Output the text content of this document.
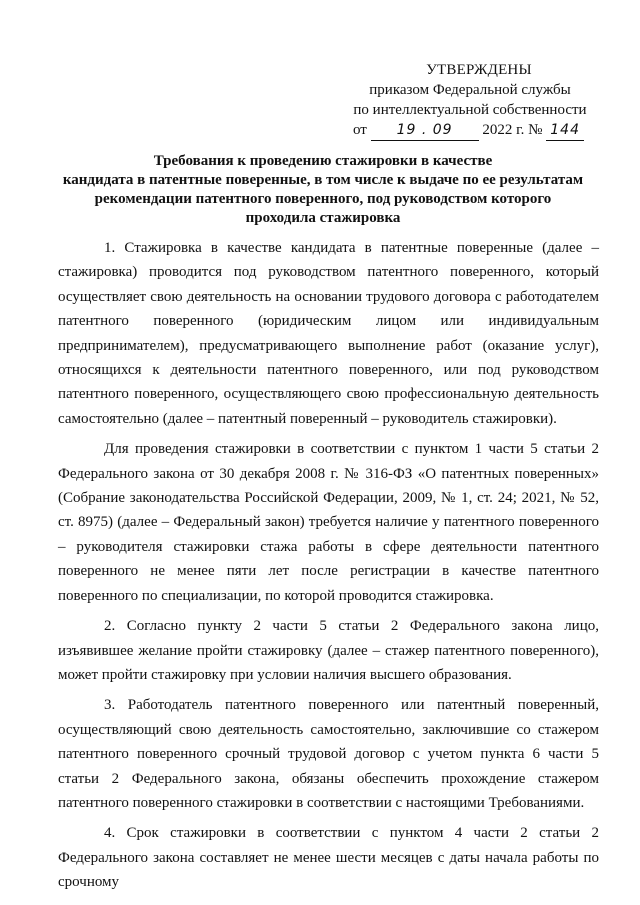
УТВЕРЖДЕНЫ
приказом Федеральной службы
по интеллектуальной собственности
от 19 . 09 2022 г. № 144
Требования к проведению стажировки в качестве
кандидата в патентные поверенные, в том числе к выдаче по ее результатам
рекомендации патентного поверенного, под руководством которого
проходила стажировка

1. Стажировка в качестве кандидата в патентные поверенные (далее – стажировка) проводится под руководством патентного поверенного, который осуществляет свою деятельность на основании трудового договора с работодателем патентного поверенного (юридическим лицом или индивидуальным предпринимателем), предусматривающего выполнение работ (оказание услуг), относящихся к деятельности патентного поверенного, или под руководством патентного поверенного, осуществляющего свою профессиональную деятельность самостоятельно (далее – патентный поверенный – руководитель стажировки).

Для проведения стажировки в соответствии с пунктом 1 части 5 статьи 2 Федерального закона от 30 декабря 2008 г. № 316-ФЗ «О патентных поверенных» (Собрание законодательства Российской Федерации, 2009, № 1, ст. 24; 2021, № 52, ст. 8975) (далее – Федеральный закон) требуется наличие у патентного поверенного – руководителя стажировки стажа работы в сфере деятельности патентного поверенного не менее пяти лет после регистрации в качестве патентного поверенного по специализации, по которой проводится стажировка.

2. Согласно пункту 2 части 5 статьи 2 Федерального закона лицо, изъявившее желание пройти стажировку (далее – стажер патентного поверенного), может пройти стажировку при условии наличия высшего образования.

3. Работодатель патентного поверенного или патентный поверенный, осуществляющий свою деятельность самостоятельно, заключившие со стажером патентного поверенного срочный трудовой договор с учетом пункта 6 части 5 статьи 2 Федерального закона, обязаны обеспечить прохождение стажером патентного поверенного стажировки в соответствии с настоящими Требованиями.

4. Срок стажировки в соответствии с пунктом 4 части 2 статьи 2 Федерального закона составляет не менее шести месяцев с даты начала работы по срочному
